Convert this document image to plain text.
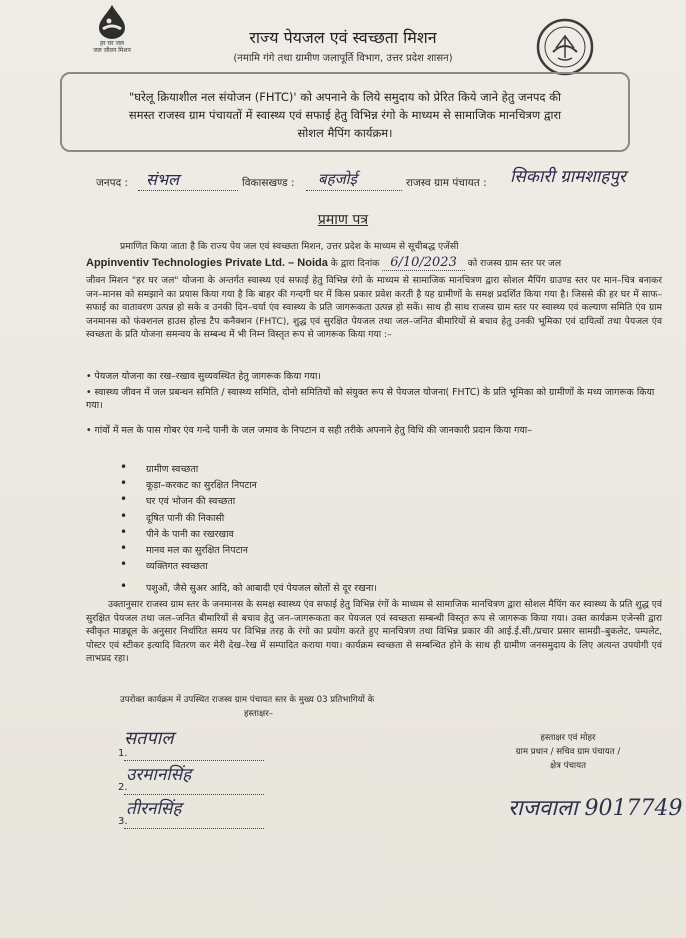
हर घर जल
जल जीवन मिशन
राज्य पेयजल एवं स्वच्छता मिशन
(नमामि गंगे तथा ग्रामीण जलापूर्ति विभाग, उत्तर प्रदेश शासन)
"घरेलू क्रियाशील नल संयोजन (FHTC)' को अपनाने के लिये समुदाय को प्रेरित किये जाने हेतु जनपद की
समस्त राजस्व ग्राम पंचायतों में स्वास्थ्य एवं सफाई हेतु विभिन्न रंगो के माध्यम से सामाजिक मानचित्रण द्वारा
सोशल मैपिंग कार्यक्रम।
जनपद : संभल	विकासखण्ड : बहजोई	राजस्व ग्राम पंचायत : सिकारी ग्रामशाहपुर
प्रमाण पत्र
प्रमाणित किया जाता है कि राज्य पेय जल एवं स्वच्छता मिशन, उत्तर प्रदेश के माध्यम से सूचीबद्ध एजेंसी
Appinventiv Technologies Private Ltd. – Noida के द्वारा दिनांक 6/10/2023 को राजस्व ग्राम स्तर पर जल
जीवन मिशन "हर घर जल" योजना के अन्तर्गत स्वास्थ्य एवं सफाई हेतु विभिन्न रंगो के माध्यम से सामाजिक मानचित्रण द्वारा सोशल मैपिंग ग्राउण्ड स्तर पर मान–चित्र बनाकर जन–मानस को समझाने का प्रयास किया गया है कि बाहर की गन्दगी घर में किस प्रकार प्रवेश करती है यह ग्रामीणों के समक्ष प्रदर्शित किया गया है। जिससे की हर घर में साफ–सफाई का वातावरण उत्पन्न हो सके व उनकी दिन–चर्या एंव स्वास्थ्य के प्रति जागरूकता उत्पन्न हो सकें। साथ ही साथ राजस्व ग्राम स्तर पर स्वास्थ्य एवं कल्याण समिति एंव ग्राम जनमानस को फंक्शनल हाउस होल्ड टैप कनैक्शन (FHTC), शुद्ध एवं सुरक्षित पेयजल तथा जल–जनित बीमारियों से बचाव हेतु उनकी भूमिका एवं दायित्वों तथा पेयजल एंव स्वच्छता के प्रति योजना समन्वय के सम्बन्ध में भी निम्न विस्तृत रूप से जागरूक किया गया :–
• पेयजल योजना का रख–रखाव सुव्यवस्थित हेतु जागरूक किया गया।
• स्वास्थ्य जीवन में जल प्रबन्धन समिति / स्वास्थ्य समिति, दोनो समितियों को संयुक्त रूप से पेयजल योजना( FHTC) के प्रति भूमिका को ग्रामीणों के मध्य जागरूक किया गया।
• गांवों में मल के पास गोबर एंव गन्दे पानी के जल जमाव के निपटान व सही तरीके अपनाने हेतु विधि की जानकारी प्रदान किया गया–
• ग्रामीण स्वच्छता
• कूड़ा–करकट का सुरक्षित निपटान
• घर एवं भोजन की स्वच्छता
• दूषित पानी की निकासी
• पीने के पानी का रखरखाव
• मानव मल का सुरक्षित निपटान
• व्यक्तिगत स्वच्छता
• पशुओं, जैसे सुअर आदि, को आबादी एवं पेयजल स्रोतों से दूर रखना।
उक्तानुसार राजस्व ग्राम स्तर के जनमानस के समक्ष स्वास्थ्य एंव सफाई हेतु विभिन्न रंगों के माध्यम से सामाजिक मानचित्रण द्वारा सोशल मैपिंग कर स्वास्थ्य के प्रति शुद्ध एवं सुरक्षित पेयजल तथा जल–जनित बीमारियों से बचाव हेतु जन–जागरूकता कर पेयजल एवं स्वच्छता सम्बन्धी विस्तृत रूप से जागरूक किया गया। उक्त कार्यक्रम एजेन्सी द्वारा स्वीकृत माड्यूल के अनुसार निर्धारित समय पर विभिन्न तरह के रंगो का प्रयोग करते हुए मानचित्रण तथा विभिन्न प्रकार की आई.ई.सी./प्रचार प्रसार सामग्री–बुकलेट, पम्पलेट, पोस्टर एवं स्टीकर इत्यादि वितरण कर मेरी देख–रेख में सम्पादित कराया गया। कार्यक्रम स्वच्छता से सम्बन्धित होने के साथ ही ग्रामीण जनसमुदाय के लिए अत्यन्त उपयोगी एवं लाभप्रद रहा।
उपरोक्त कार्यक्रम में उपस्थित राजस्व ग्राम पंचायत स्तर के मुख्य 03 प्रतिभागियों के
हस्ताक्षर–
1.
सतपाल
2.
उरमानसिंह
3.
तीरनसिंह
हस्ताक्षर एवं मोहर
ग्राम प्रधान / सचिव ग्राम पंचायत /
क्षेत्र पंचायत
राजवाला 9017749
